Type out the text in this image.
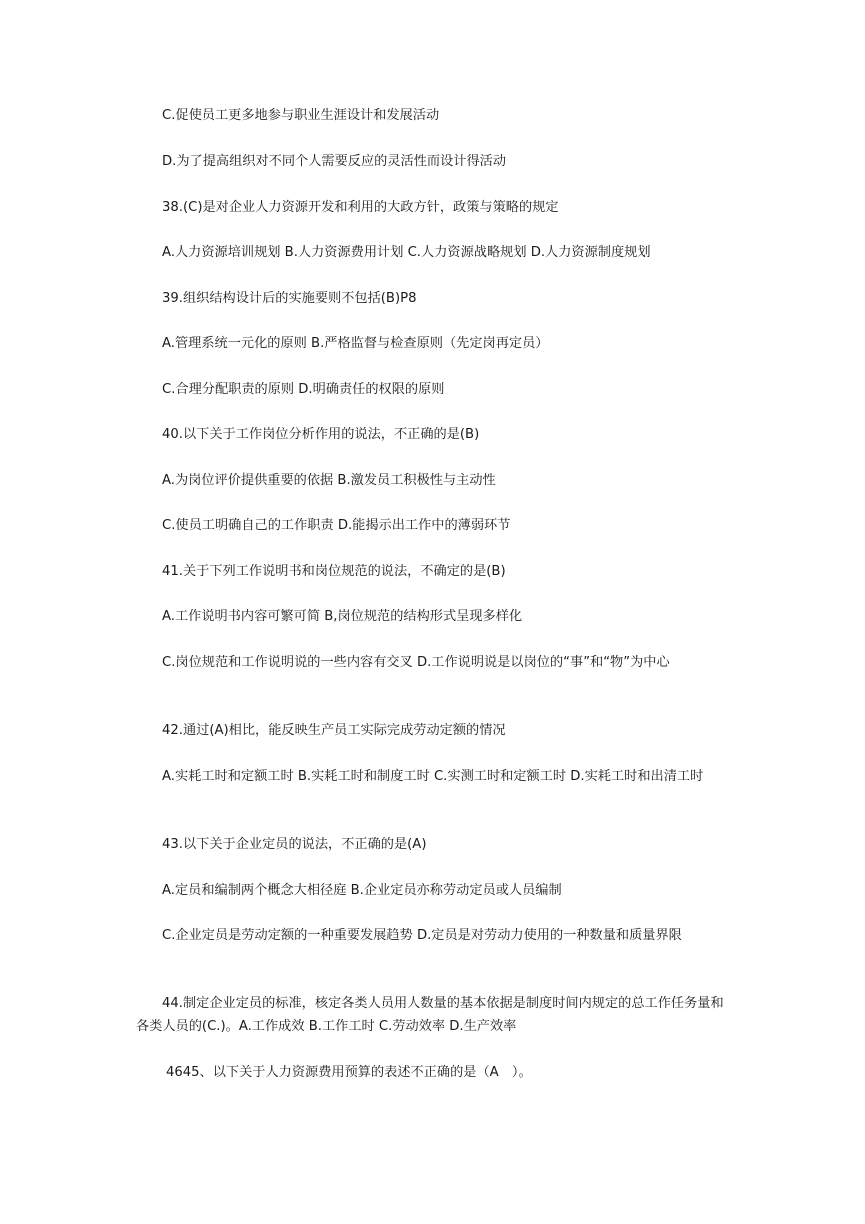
C.促使员工更多地参与职业生涯设计和发展活动
D.为了提高组织对不同个人需要反应的灵活性而设计得活动
38.(C)是对企业人力资源开发和利用的大政方针，政策与策略的规定
A.人力资源培训规划 B.人力资源费用计划 C.人力资源战略规划 D.人力资源制度规划
39.组织结构设计后的实施要则不包括(B)P8
A.管理系统一元化的原则 B.严格监督与检查原则（先定岗再定员）
C.合理分配职责的原则 D.明确责任的权限的原则
40.以下关于工作岗位分析作用的说法，不正确的是(B)
A.为岗位评价提供重要的依据 B.激发员工积极性与主动性
C.使员工明确自己的工作职责 D.能揭示出工作中的薄弱环节
41.关于下列工作说明书和岗位规范的说法，不确定的是(B)
A.工作说明书内容可繁可简 B,岗位规范的结构形式呈现多样化
C.岗位规范和工作说明说的一些内容有交叉 D.工作说明说是以岗位的“事”和“物”为中心
42.通过(A)相比，能反映生产员工实际完成劳动定额的情况
A.实耗工时和定额工时 B.实耗工时和制度工时 C.实测工时和定额工时 D.实耗工时和出清工时
43.以下关于企业定员的说法，不正确的是(A)
A.定员和编制两个概念大相径庭 B.企业定员亦称劳动定员或人员编制
C.企业定员是劳动定额的一种重要发展趋势 D.定员是对劳动力使用的一种数量和质量界限
44.制定企业定员的标准，核定各类人员用人数量的基本依据是制度时间内规定的总工作任务量和各类人员的(C.)。A.工作成效 B.工作工时 C.劳动效率 D.生产效率
4645、以下关于人力资源费用预算的表述不正确的是（A　）。
